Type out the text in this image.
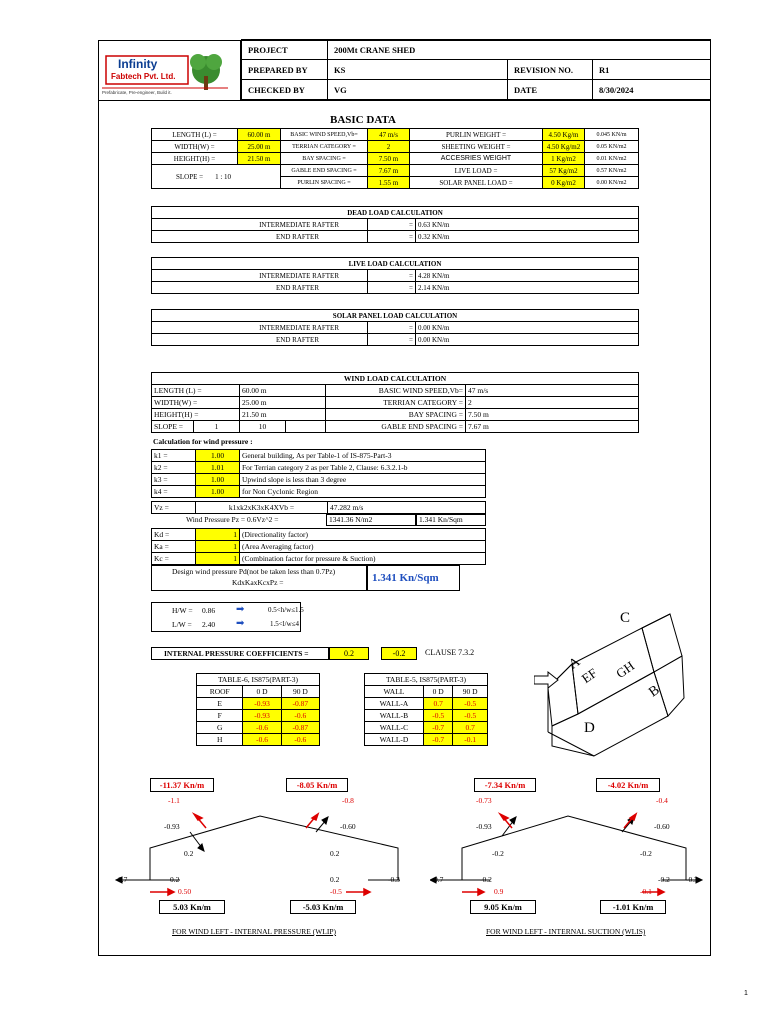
Infinity
Fabtech Pvt. Ltd.
Prefabricate, Pre-engineer, Build it.
PROJECT	200Mt CRANE SHED		
PREPARED BY	KS	REVISION NO.	R1
CHECKED BY	VG	DATE	8/30/2024
BASIC DATA
LENGTH (L) =	60.00 m	BASIC WIND SPEED,Vb=	47 m/s	PURLIN WEIGHT =	4.50 Kg/m	0.045 KN/m
WIDTH(W) =	25.00 m	TERRIAN CATEGORY =	2	SHEETING WEIGHT =	4.50 Kg/m2	0.05 KN/m2
HEIGHT(H) =	21.50 m	BAY SPACING =	7.50 m	ACCESRIES WEIGHT	1 Kg/m2	0.01 KN/m2
SLOPE = 1 : 10		GABLE END SPACING =	7.67 m	LIVE LOAD =	57 Kg/m2	0.57 KN/m2
		PURLIN SPACING =	1.55 m	SOLAR PANEL LOAD =	0 Kg/m2	0.00 KN/m2
DEAD LOAD CALCULATION		
INTERMEDIATE RAFTER	=	0.63 KN/m
END RAFTER	=	0.32 KN/m
LIVE LOAD CALCULATION		
INTERMEDIATE RAFTER	=	4.28 KN/m
END RAFTER	=	2.14 KN/m
SOLAR PANEL LOAD CALCULATION		
INTERMEDIATE RAFTER	=	0.00 KN/m
END RAFTER	=	0.00 KN/m
WIND LOAD CALCULATION					
LENGTH (L) =		60.00 m		BASIC WIND SPEED,Vb=	47 m/s
WIDTH(W) =		25.00 m		TERRIAN CATEGORY =	2
HEIGHT(H) =		21.50 m		BAY SPACING =	7.50 m
SLOPE =	1	10		GABLE END SPACING =	7.67 m
Calculation for wind pressure :
k1 =	1.00	General building, As per Table-1 of IS-875-Part-3
k2 =	1.01	For Terrian category 2 as per Table 2, Clause: 6.3.2.1-b
k3 =	1.00	Upwind slope is less than 3 degree
k4 =	1.00	for Non Cyclonic Region
Vz =	k1xk2xK3xK4XVb =	47.282 m/s
Wind Pressure Pz = 0.6Vz^2 =	1341.36 N/m2	1.341 Kn/Sqm
Kd =	1	(Directionality factor)
Ka =	1	(Area Averaging factor)
Kc =	1	(Combination factor for pressure & Suction)
Design wind pressure Pd(not be taken less than 0.7Pz)
KdxKaxKcxPz =	1.341 Kn/Sqm
H/W = 0.86 ➡	0.5<h/w≤1.5
L/W = 2.40 ➡	1.5<l/w≤4
INTERNAL PRESSURE COEFFICIENTS =	0.2	-0.2	CLAUSE 7.3.2
TABLE-6, IS875(PART-3)		
ROOF	0 D	90 D
E	-0.93	-0.87
F	-0.93	-0.6
G	-0.6	-0.87
H	-0.6	-0.6
TABLE-5, IS875(PART-3)		
WALL	0 D	90 D
WALL-A	0.7	-0.5
WALL-B	-0.5	-0.5
WALL-C	-0.7	0.7
WALL-D	-0.7	-0.1
A
B
C
D
EF GH
-11.37 Kn/m	-8.05 Kn/m
-1.1	-0.8
-0.93	-0.60
0.2	0.2
0.7	-0.3
0.2	0.2
0.50	-0.5
5.03 Kn/m	-5.03 Kn/m
FOR WIND LEFT - INTERNAL PRESSURE (WLIP)
-7.34 Kn/m	-4.02 Kn/m
-0.73	-0.4
-0.93	-0.60
-0.2	-0.2
0.7	-0.3
-0.2	-0.2
0.9	-0.1
9.05 Kn/m	-1.01 Kn/m
FOR WIND LEFT - INTERNAL SUCTION (WLIS)
1
